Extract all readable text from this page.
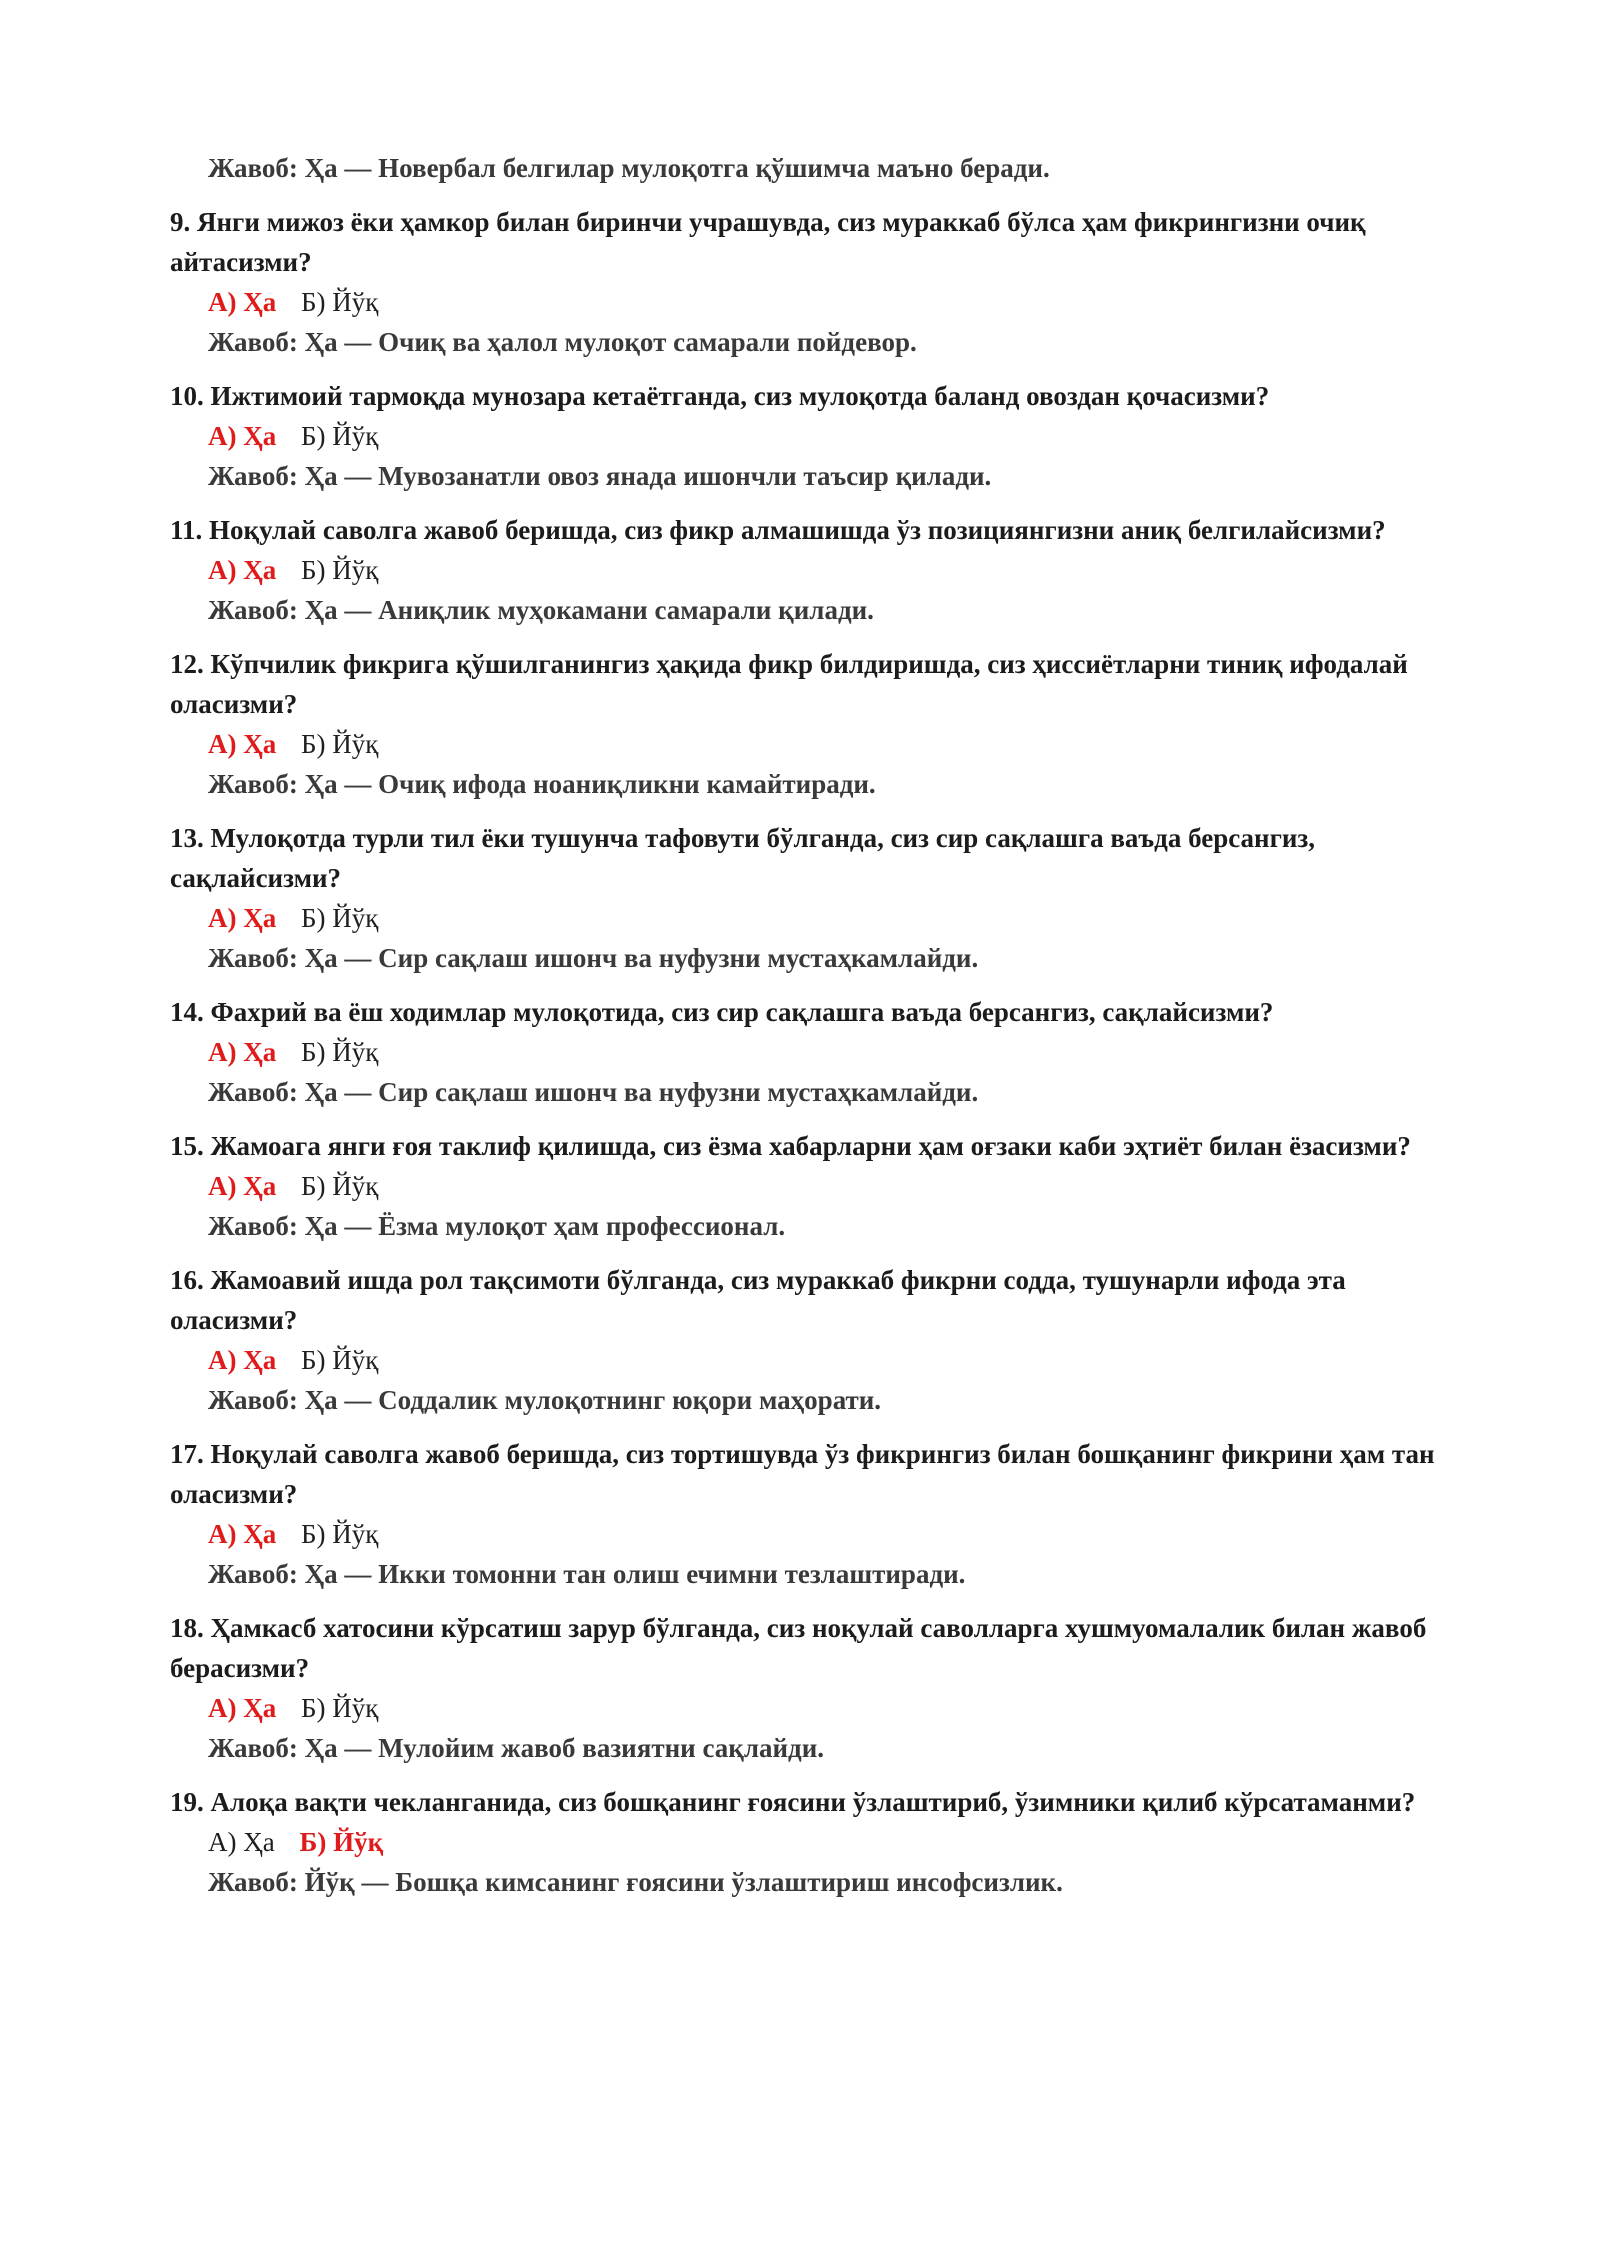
Жавоб: Ҳа — Новербал белгилар мулоқотга қўшимча маъно беради.
9. Янги мижоз ёки ҳамкор билан биринчи учрашувда, сиз мураккаб бўлса ҳам фикрингизни очиқ айтасизми?
А) Ҳа Б) Йўқ
Жавоб: Ҳа — Очиқ ва ҳалол мулоқот самарали пойдевор.
10. Ижтимоий тармоқда мунозара кетаётганда, сиз мулоқотда баланд овоздан қочасизми?
А) Ҳа Б) Йўқ
Жавоб: Ҳа — Мувозанатли овоз янада ишончли таъсир қилади.
11. Ноқулай саволга жавоб беришда, сиз фикр алмашишда ўз позициянгизни аниқ белгилайсизми?
А) Ҳа Б) Йўқ
Жавоб: Ҳа — Аниқлик муҳокамани самарали қилади.
12. Кўпчилик фикрига қўшилганингиз ҳақида фикр билдиришда, сиз ҳиссиётларни тиниқ ифодалай оласизми?
А) Ҳа Б) Йўқ
Жавоб: Ҳа — Очиқ ифода ноаниқликни камайтиради.
13. Мулоқотда турли тил ёки тушунча тафовути бўлганда, сиз сир сақлашга ваъда берсангиз, сақлайсизми?
А) Ҳа Б) Йўқ
Жавоб: Ҳа — Сир сақлаш ишонч ва нуфузни мустаҳкамлайди.
14. Фахрий ва ёш ходимлар мулоқотида, сиз сир сақлашга ваъда берсангиз, сақлайсизми?
А) Ҳа Б) Йўқ
Жавоб: Ҳа — Сир сақлаш ишонч ва нуфузни мустаҳкамлайди.
15. Жамоага янги ғоя таклиф қилишда, сиз ёзма хабарларни ҳам оғзаки каби эҳтиёт билан ёзасизми?
А) Ҳа Б) Йўқ
Жавоб: Ҳа — Ёзма мулоқот ҳам профессионал.
16. Жамоавий ишда рол тақсимоти бўлганда, сиз мураккаб фикрни содда, тушунарли ифода эта оласизми?
А) Ҳа Б) Йўқ
Жавоб: Ҳа — Соддалик мулоқотнинг юқори маҳорати.
17. Ноқулай саволга жавоб беришда, сиз тортишувда ўз фикрингиз билан бошқанинг фикрини ҳам тан оласизми?
А) Ҳа Б) Йўқ
Жавоб: Ҳа — Икки томонни тан олиш ечимни тезлаштиради.
18. Ҳамкасб хатосини кўрсатиш зарур бўлганда, сиз ноқулай саволларга хушмуомалалик билан жавоб берасизми?
А) Ҳа Б) Йўқ
Жавоб: Ҳа — Мулойим жавоб вазиятни сақлайди.
19. Алоқа вақти чекланганида, сиз бошқанинг ғоясини ўзлаштириб, ўзимники қилиб кўрсатаманми?
А) Ҳа Б) Йўқ
Жавоб: Йўқ — Бошқа кимсанинг ғоясини ўзлаштириш инсофсизлик.
